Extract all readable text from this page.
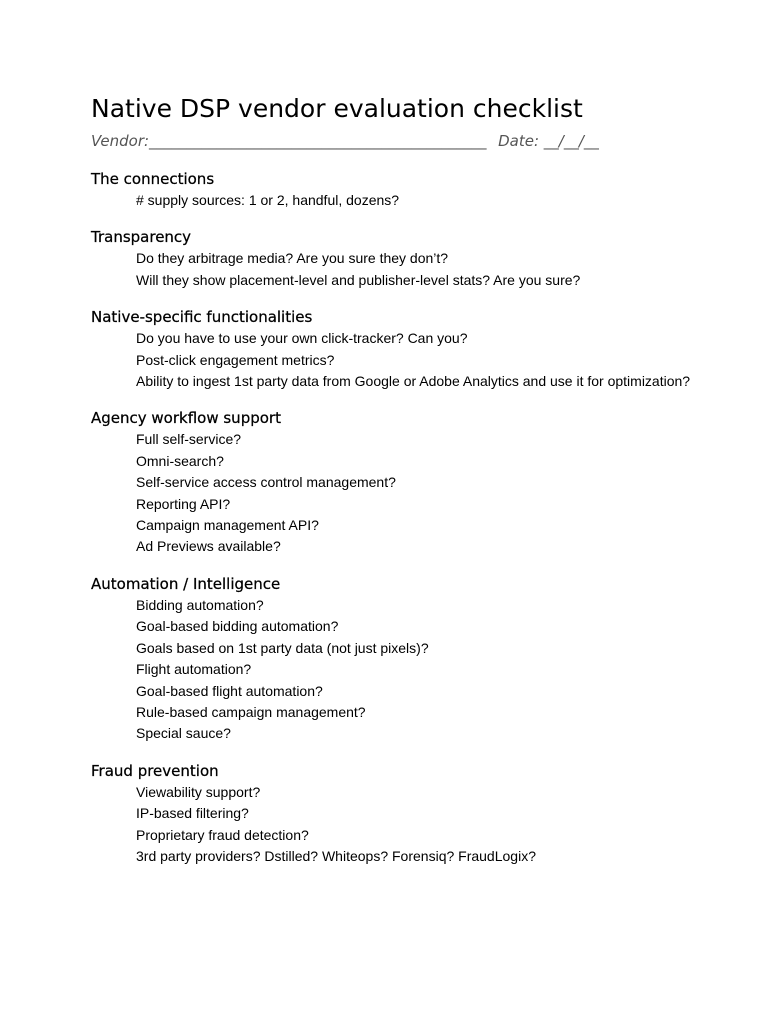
Native DSP vendor evaluation checklist
Vendor:_____________________________________________ Date: __/__/__
The connections
# supply sources: 1 or 2, handful, dozens?
Transparency
Do they arbitrage media? Are you sure they don’t?
Will they show placement-level and publisher-level stats? Are you sure?
Native-specific functionalities
Do you have to use your own click-tracker? Can you?
Post-click engagement metrics?
Ability to ingest 1st party data from Google or Adobe Analytics and use it for optimization?
Agency workflow support
Full self-service?
Omni-search?
Self-service access control management?
Reporting API?
Campaign management API?
Ad Previews available?
Automation / Intelligence
Bidding automation?
Goal-based bidding automation?
Goals based on 1st party data (not just pixels)?
Flight automation?
Goal-based flight automation?
Rule-based campaign management?
Special sauce?
Fraud prevention
Viewability support?
IP-based filtering?
Proprietary fraud detection?
3rd party providers? Dstilled? Whiteops? Forensiq? FraudLogix?
